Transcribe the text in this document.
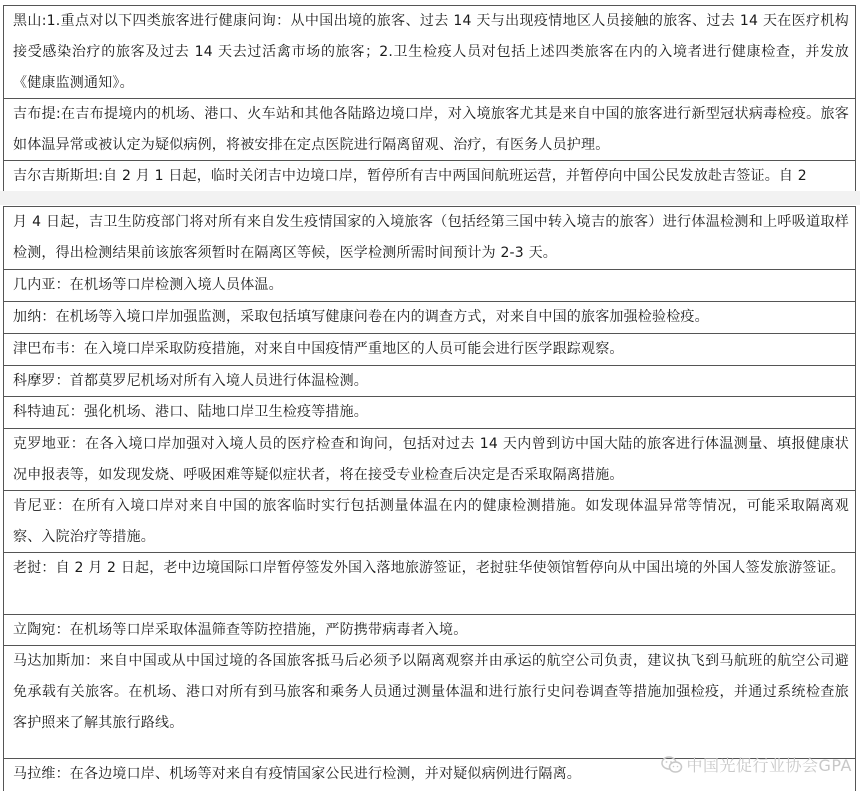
黑山:1.重点对以下四类旅客进行健康问询：从中国出境的旅客、过去 14 天与出现疫情地区人员接触的旅客、过去 14 天在医疗机构接受感染治疗的旅客及过去 14 天去过活禽市场的旅客；2.卫生检疫人员对包括上述四类旅客在内的入境者进行健康检查，并发放《健康监测通知》。
吉布提:在吉布提境内的机场、港口、火车站和其他各陆路边境口岸，对入境旅客尤其是来自中国的旅客进行新型冠状病毒检疫。旅客如体温异常或被认定为疑似病例，将被安排在定点医院进行隔离留观、治疗，有医务人员护理。
吉尔吉斯斯坦:自 2 月 1 日起，临时关闭吉中边境口岸，暂停所有吉中两国间航班运营，并暂停向中国公民发放赴吉签证。自 2
月 4 日起，吉卫生防疫部门将对所有来自发生疫情国家的入境旅客（包括经第三国中转入境吉的旅客）进行体温检测和上呼吸道取样检测，得出检测结果前该旅客须暂时在隔离区等候，医学检测所需时间预计为 2-3 天。
几内亚：在机场等口岸检测入境人员体温。
加纳：在机场等入境口岸加强监测，采取包括填写健康问卷在内的调查方式，对来自中国的旅客加强检验检疫。
津巴布韦：在入境口岸采取防疫措施，对来自中国疫情严重地区的人员可能会进行医学跟踪观察。
科摩罗：首都莫罗尼机场对所有入境人员进行体温检测。
科特迪瓦：强化机场、港口、陆地口岸卫生检疫等措施。
克罗地亚：在各入境口岸加强对入境人员的医疗检查和询问，包括对过去 14 天内曾到访中国大陆的旅客进行体温测量、填报健康状况申报表等，如发现发烧、呼吸困难等疑似症状者，将在接受专业检查后决定是否采取隔离措施。
肯尼亚：在所有入境口岸对来自中国的旅客临时实行包括测量体温在内的健康检测措施。如发现体温异常等情况，可能采取隔离观察、入院治疗等措施。
老挝：自 2 月 2 日起，老中边境国际口岸暂停签发外国入落地旅游签证，老挝驻华使领馆暂停向从中国出境的外国人签发旅游签证。
立陶宛：在机场等口岸采取体温筛查等防控措施，严防携带病毒者入境。
马达加斯加：来自中国或从中国过境的各国旅客抵马后必须予以隔离观察并由承运的航空公司负责，建议执飞到马航班的航空公司避免承载有关旅客。在机场、港口对所有到马旅客和乘务人员通过测量体温和进行旅行史问卷调查等措施加强检疫，并通过系统检查旅客护照来了解其旅行路线。
马拉维：在各边境口岸、机场等对来自有疫情国家公民进行检测，并对疑似病例进行隔离。	中国光促行业协会GPA
